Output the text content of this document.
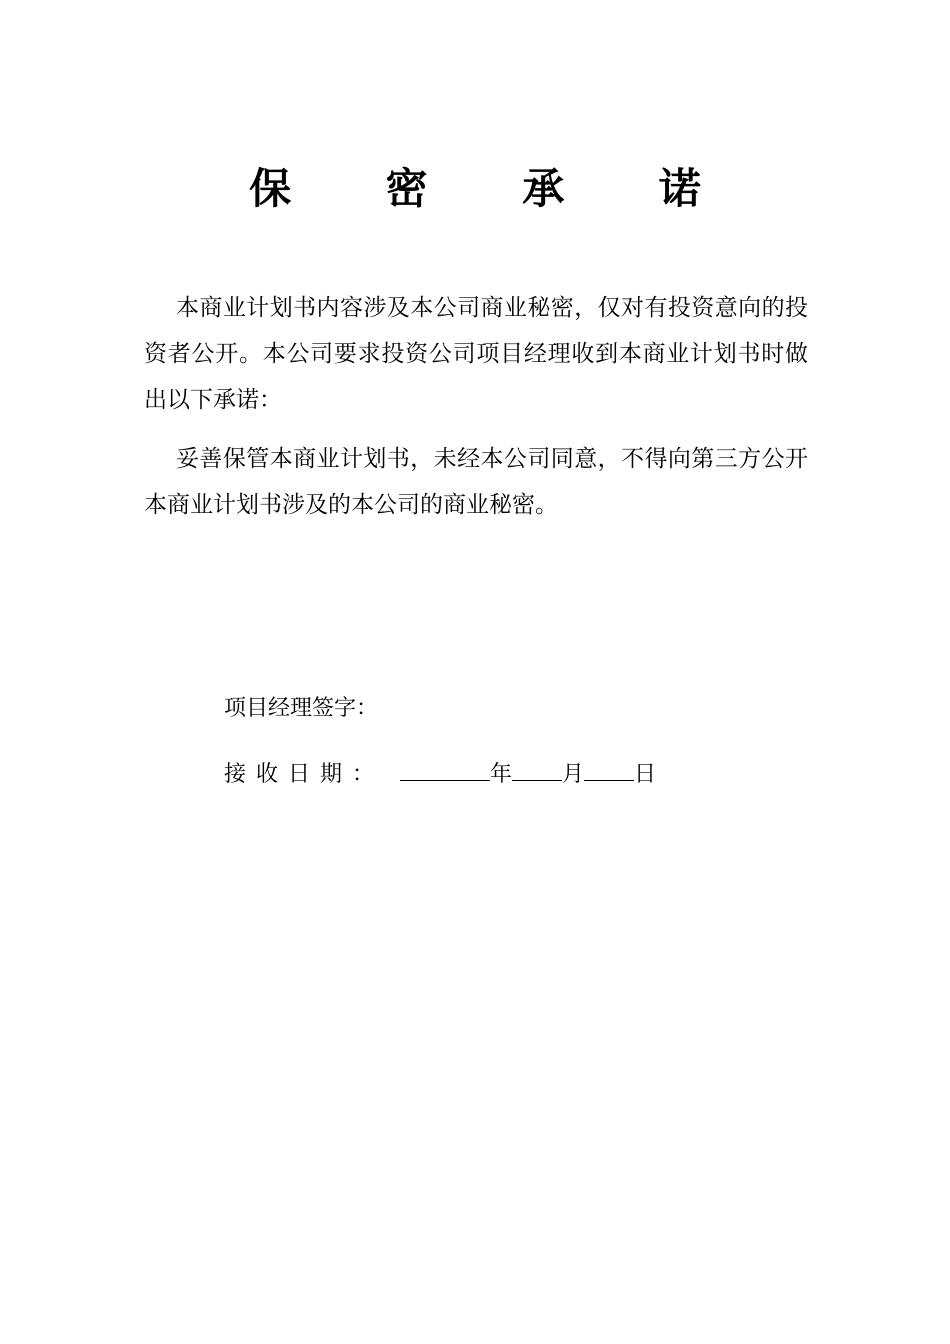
保 密 承 诺

本商业计划书内容涉及本公司商业秘密，仅对有投资意向的投资者公开。本公司要求投资公司项目经理收到本商业计划书时做出以下承诺：

妥善保管本商业计划书，未经本公司同意，不得向第三方公开本商业计划书涉及的本公司的商业秘密。

项目经理签字：
接收日期：	年 月 日
